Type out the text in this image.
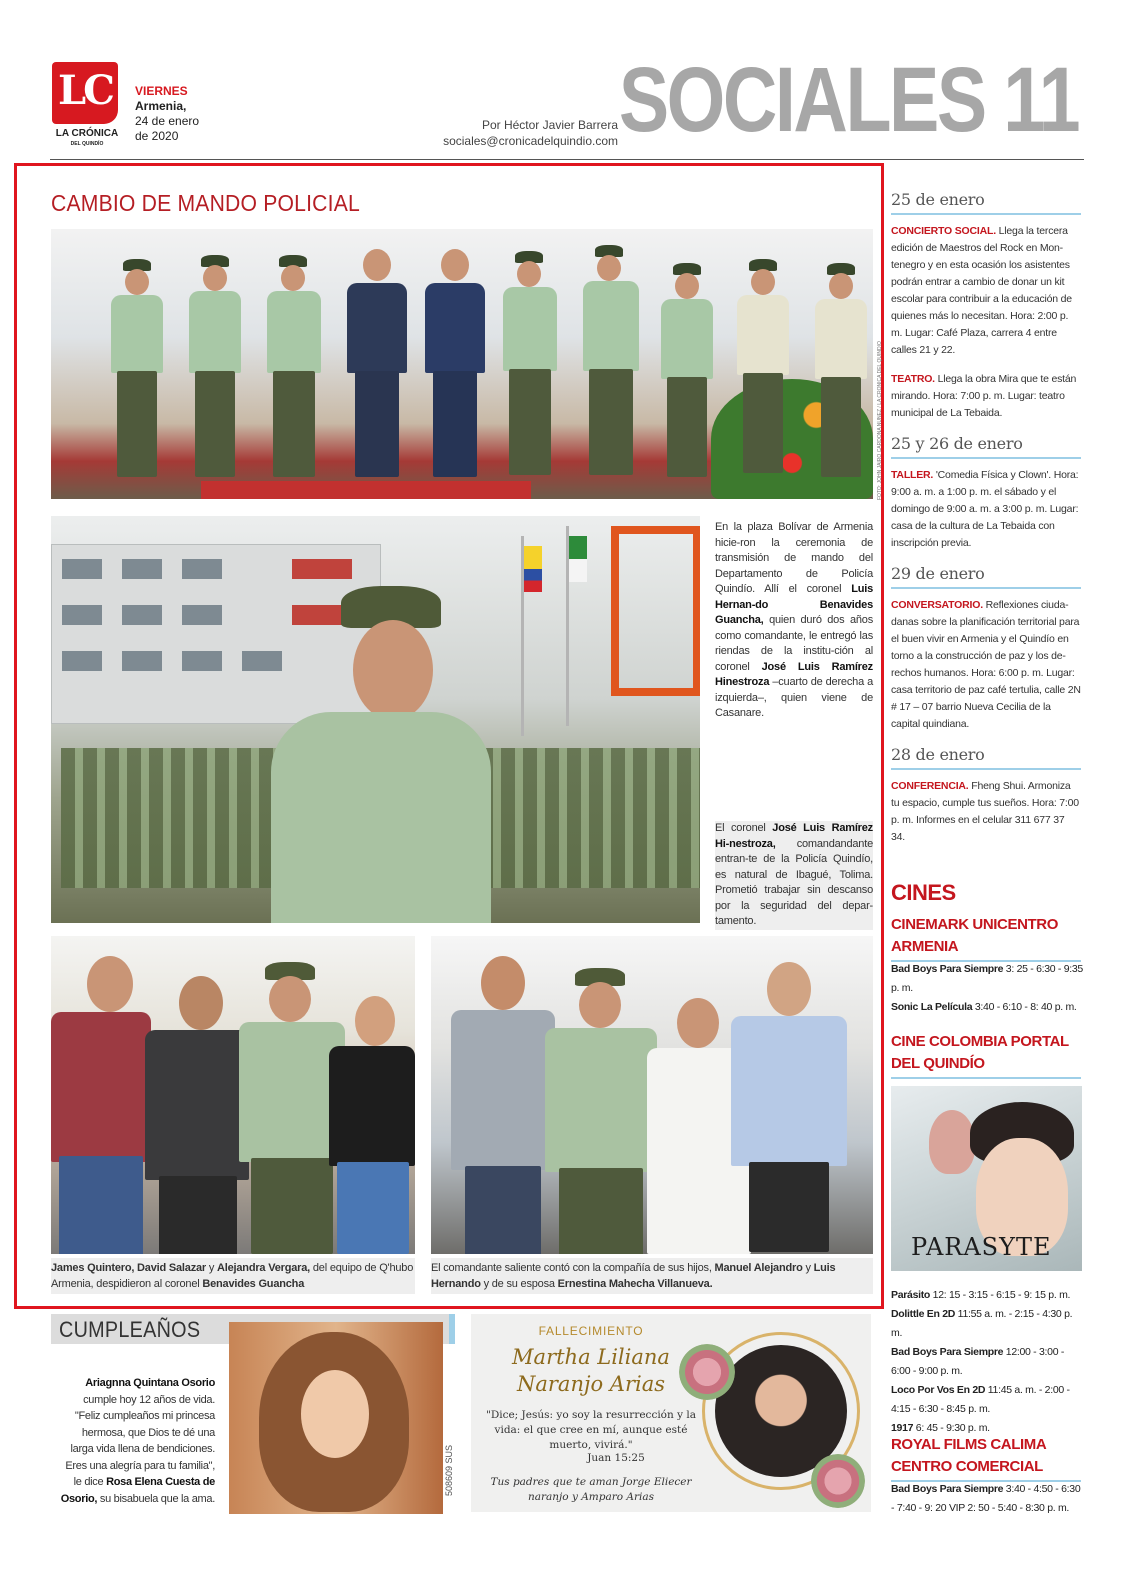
LC
LA CRÓNICA
DEL QUINDÍO
VIERNES
Armenia,
24 de enero
de 2020
Por Héctor Javier Barrera
sociales@cronicadelquindio.com SOCIALES 11
CAMBIO DE MANDO POLICIAL
FOTO: JOHN JAIRO CARDONA NUÑEZ / LA CRÓNICA DEL QUINDÍO
En la plaza Bolívar de Armenia hicie-ron la ceremonia de transmisión de mando del Departamento de Policía Quindío. Allí el coronel Luis Hernan-do Benavides Guancha, quien duró dos años como comandante, le entregó las riendas de la institu-ción al coronel José Luis Ramírez Hinestroza –cuarto de derecha a izquierda–, quien viene de Casanare.
El coronel José Luis Ramírez Hi-nestroza, comandandante entran-te de la Policía Quindío, es natural de Ibagué, Tolima. Prometió trabajar sin descanso por la seguridad del depar-tamento.
James Quintero, David Salazar y Alejandra Vergara, del equipo de Q'hubo Armenia, despidieron al coronel Benavides Guancha
El comandante saliente contó con la compañía de sus hijos, Manuel Alejandro y Luis Hernando y de su esposa Ernestina Mahecha Villanueva.
25 de enero
CONCIERTO SOCIAL. Llega la tercera edición de Maestros del Rock en Mon-tenegro y en esta ocasión los asistentes podrán entrar a cambio de donar un kit escolar para contribuir a la educación de quienes más lo necesitan. Hora: 2:00 p. m. Lugar: Café Plaza, carrera 4 entre calles 21 y 22.
TEATRO. Llega la obra Mira que te están mirando. Hora: 7:00 p. m. Lugar: teatro municipal de La Tebaida.
25 y 26 de enero
TALLER. 'Comedia Física y Clown'. Hora: 9:00 a. m. a 1:00 p. m. el sábado y el domingo de 9:00 a. m. a 3:00 p. m. Lugar: casa de la cultura de La Tebaida con inscripción previa.
29 de enero
CONVERSATORIO. Reflexiones ciuda-danas sobre la planificación territorial para el buen vivir en Armenia y el Quindío en torno a la construcción de paz y los de-rechos humanos. Hora: 6:00 p. m. Lugar: casa territorio de paz café tertulia, calle 2N # 17 – 07 barrio Nueva Cecilia de la capital quindiana.
28 de enero
CONFERENCIA. Fheng Shui. Armoniza tu espacio, cumple tus sueños. Hora: 7:00 p. m. Informes en el celular 311 677 37 34.
CINES
CINEMARK UNICENTRO ARMENIA
Bad Boys Para Siempre 3: 25 - 6:30 - 9:35 p. m.
Sonic La Película 3:40 - 6:10 - 8: 40 p. m.
CINE COLOMBIA PORTAL DEL QUINDÍO
PARASYTE
Parásito 12: 15 - 3:15 - 6:15 - 9: 15 p. m.
Dolittle En 2D 11:55 a. m. - 2:15 - 4:30 p. m.
Bad Boys Para Siempre 12:00 - 3:00 - 6:00 - 9:00 p. m.
Loco Por Vos En 2D 11:45 a. m. - 2:00 - 4:15 - 6:30 - 8:45 p. m.
1917 6: 45 - 9:30 p. m.
ROYAL FILMS CALIMA CENTRO COMERCIAL
Bad Boys Para Siempre 3:40 - 4:50 - 6:30 - 7:40 - 9: 20 VIP 2: 50 - 5:40 - 8:30 p. m.
CUMPLEAÑOS
Ariagnna Quintana Osorio cumple hoy 12 años de vida. "Feliz cumpleaños mi princesa hermosa, que Dios te dé una larga vida llena de bendiciones. Eres una alegría para tu familia", le dice Rosa Elena Cuesta de Osorio, su bisabuela que la ama.
508609 SUS
FALLECIMIENTO
Martha Liliana
Naranjo Arias
"Dice; Jesús: yo soy la resurrección y la vida: el que cree en mí, aunque esté muerto, vivirá."
Juan 15:25
Tus padres que te aman Jorge Eliecer naranjo y Amparo Arias
